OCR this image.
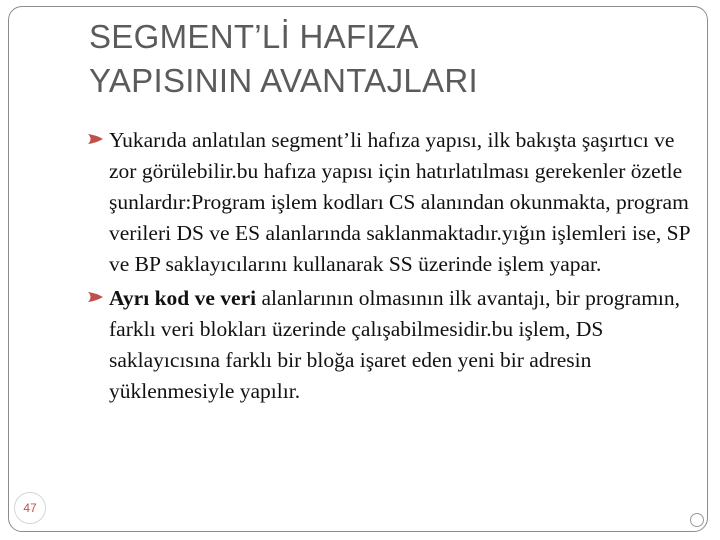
SEGMENT’Lİ HAFIZA
YAPISININ AVANTAJLARI

Yukarıda anlatılan segment’li hafıza yapısı, ilk bakışta şaşırtıcı ve zor görülebilir.bu hafıza yapısı için hatırlatılması gerekenler özetle şunlardır:Program işlem kodları CS alanından okunmakta, program verileri DS ve ES alanlarında saklanmaktadır.yığın işlemleri ise, SP ve BP saklayıcılarını kullanarak SS üzerinde işlem yapar.

Ayrı kod ve veri alanlarının olmasının ilk avantajı, bir programın, farklı veri blokları üzerinde çalışabilmesidir.bu işlem, DS saklayıcısına farklı bir bloğa işaret eden yeni bir adresin yüklenmesiyle yapılır.

47
